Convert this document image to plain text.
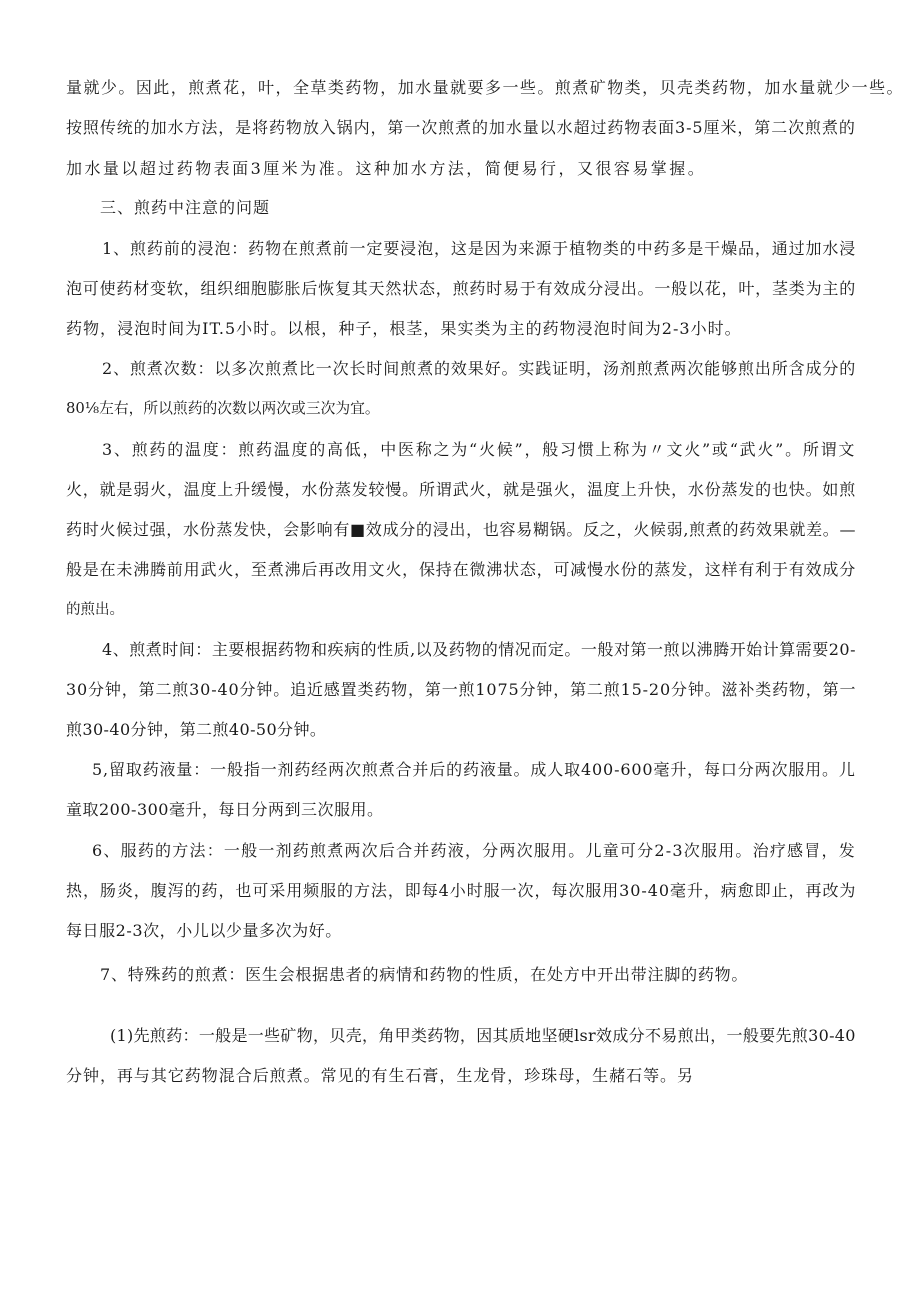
量就少。因此，煎煮花，叶，全草类药物，加水量就要多一些。煎煮矿物类，贝壳类药物，加水量就少一些。
按照传统的加水方法，是将药物放入锅内，第一次煎煮的加水量以水超过药物表面3-5厘米，第二次煎煮的
加水量以超过药物表面3厘米为准。这种加水方法，简便易行，又很容易掌握。
三、煎药中注意的问题
1、煎药前的浸泡：药物在煎煮前一定要浸泡，这是因为来源于植物类的中药多是干燥品，通过加水浸
泡可使药材变软，组织细胞膨胀后恢复其天然状态，煎药时易于有效成分浸出。一般以花，叶，茎类为主的
药物，浸泡时间为IT.5小时。以根，种子，根茎，果实类为主的药物浸泡时间为2-3小时。
2、煎煮次数：以多次煎煮比一次长时间煎煮的效果好。实践证明，汤剂煎煮两次能够煎出所含成分的
80⅛左右，所以煎药的次数以两次或三次为宜。
3、煎药的温度：煎药温度的高低，中医称之为“火候”，般习惯上称为〃文火”或“武火”。所谓文
火，就是弱火，温度上升缓慢，水份蒸发较慢。所谓武火，就是强火，温度上升快，水份蒸发的也快。如煎
药时火候过强，水份蒸发快，会影响有■效成分的浸出，也容易糊锅。反之，火候弱,煎煮的药效果就差。—
般是在未沸腾前用武火，至煮沸后再改用文火，保持在微沸状态，可减慢水份的蒸发，这样有利于有效成分
的煎出。
4、煎煮时间：主要根据药物和疾病的性质,以及药物的情况而定。一般对第一煎以沸腾开始计算需要20-
30分钟，第二煎30-40分钟。追近感置类药物，第一煎1075分钟，第二煎15-20分钟。滋补类药物，第一
煎30-40分钟，第二煎40-50分钟。
5,留取药液量：一般指一剂药经两次煎煮合并后的药液量。成人取400-600毫升，每口分两次服用。儿
童取200-300毫升，每日分两到三次服用。
6、服药的方法：一般一剂药煎煮两次后合并药液，分两次服用。儿童可分2-3次服用。治疗感冒，发
热，肠炎，腹泻的药，也可采用频服的方法，即每4小时服一次，每次服用30-40毫升，病愈即止，再改为
每日服2-3次，小儿以少量多次为好。
7、特殊药的煎煮：医生会根据患者的病情和药物的性质，在处方中开出带注脚的药物。
(1)先煎药：一般是一些矿物，贝壳，角甲类药物，因其质地坚硬lsr效成分不易煎出，一般要先煎30-40
分钟，再与其它药物混合后煎煮。常见的有生石膏，生龙骨，珍珠母，生赭石等。另
